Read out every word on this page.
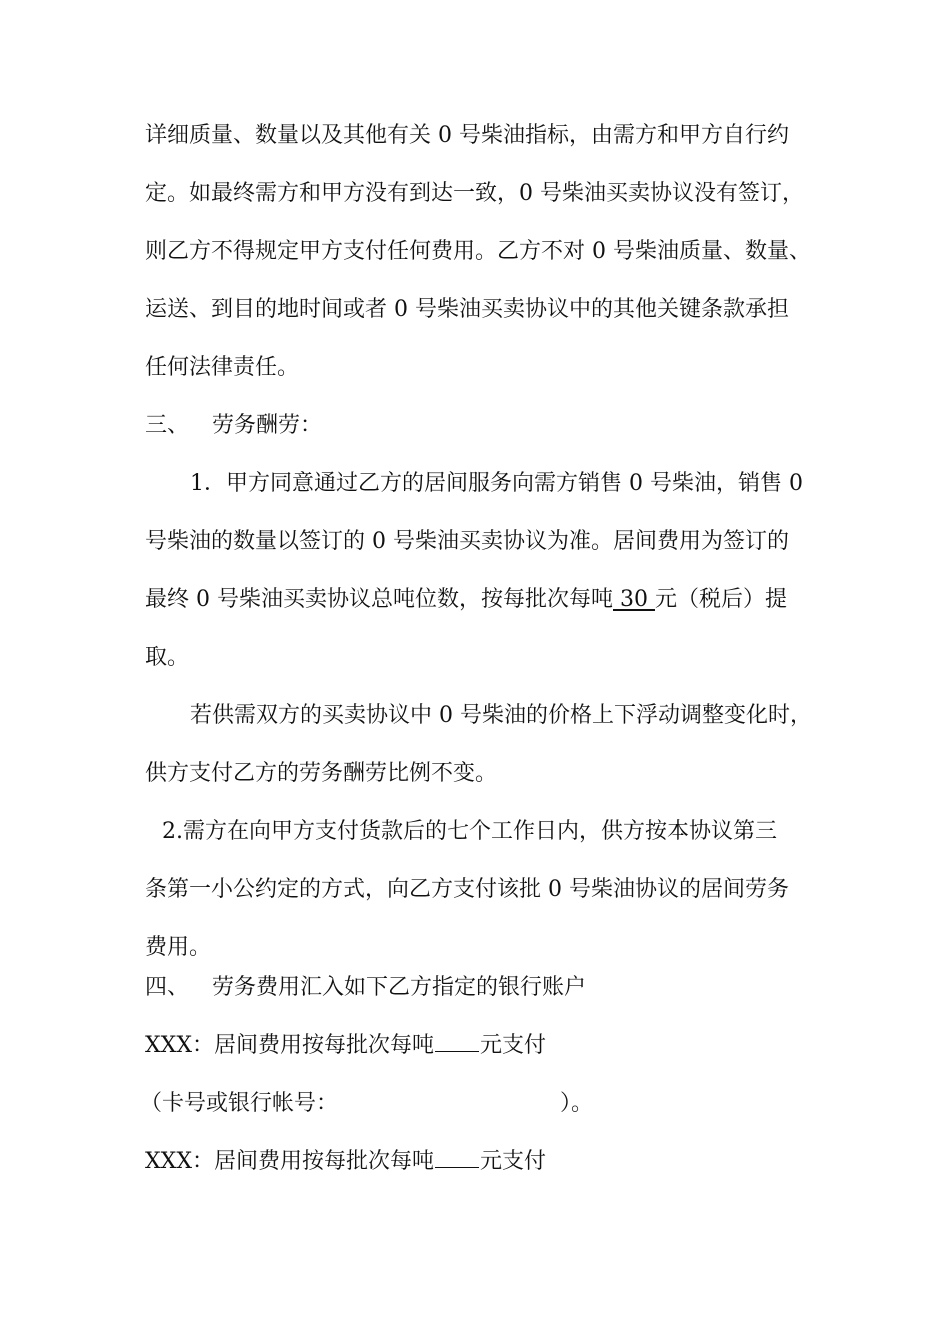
详细质量、数量以及其他有关 0 号柴油指标，由需方和甲方自行约
定。如最终需方和甲方没有到达一致，0 号柴油买卖协议没有签订，
则乙方不得规定甲方支付任何费用。乙方不对 0 号柴油质量、数量、
运送、到目的地时间或者 0 号柴油买卖协议中的其他关键条款承担
任何法律责任。
三、 劳务酬劳：
1．甲方同意通过乙方的居间服务向需方销售 0 号柴油，销售 0
号柴油的数量以签订的 0 号柴油买卖协议为准。居间费用为签订的
最终 0 号柴油买卖协议总吨位数，按每批次每吨 30 元（税后）提
取。
若供需双方的买卖协议中 0 号柴油的价格上下浮动调整变化时，
供方支付乙方的劳务酬劳比例不变。
2.需方在向甲方支付货款后的七个工作日内，供方按本协议第三
条第一小公约定的方式，向乙方支付该批 0 号柴油协议的居间劳务
费用。
四、 劳务费用汇入如下乙方指定的银行账户
XXX：居间费用按每批次每吨 元支付
（卡号或银行帐号：	）。
XXX：居间费用按每批次每吨 元支付
